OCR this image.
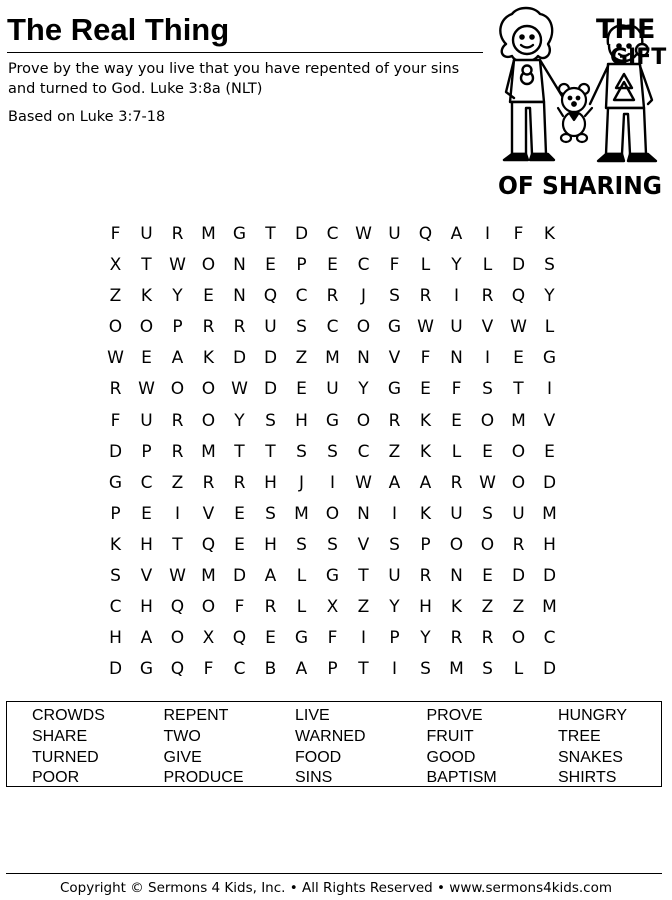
The Real Thing
Prove by the way you live that you have repented of your sins and turned to God. Luke 3:8a (NLT)
Based on Luke 3:7-18
THE
GIFT
OF SHARING
F	U	R	M	G	T	D	C W U	Q	A	I	F	K
X	T	W O	N	E	P	E	C	F	L	Y	L	D	S
Z	K	Y	E	N	Q	C	R	J	S	R	I	R	Q	Y
O	O	P	R	R	U	S	C	O	G W U	V W	L
W	E	A	K	D	D	Z	M	N	V	F	N	I	E	G
R W O	O W D	E	U	Y	G	E	F	S	T	I
F	U	R	O	Y	S	H	G	O	R	K	E	O M	V
D	P	R	M	T	T	S	S	C	Z	K	L	E	O	E
G	C	Z	R	R	H	J	I	W A	A	R W O	D
P	E	I	V	E	S	M O	N	I	K	U	S	U	M
K	H	T	Q	E	H	S	S	V	S	P	O	O	R	H
S	V W M	D	A	L	G	T	U	R	N	E	D	D
C	H	Q	O	F	R	L	X	Z	Y	H	K	Z	Z	M
H	A	O	X	Q	E	G	F	I	P	Y	R	R	O	C
D	G	Q	F	C	B	A	P	T	I	S	M	S	L	D
CROWDS	REPENT	LIVE	PROVE	HUNGRY
SHARE	TWO	WARNED	FRUIT	TREE
TURNED	GIVE	FOOD	GOOD	SNAKES
POOR	PRODUCE	SINS	BAPTISM	SHIRTS
Copyright © Sermons 4 Kids, Inc. • All Rights Reserved • www.sermons4kids.com
